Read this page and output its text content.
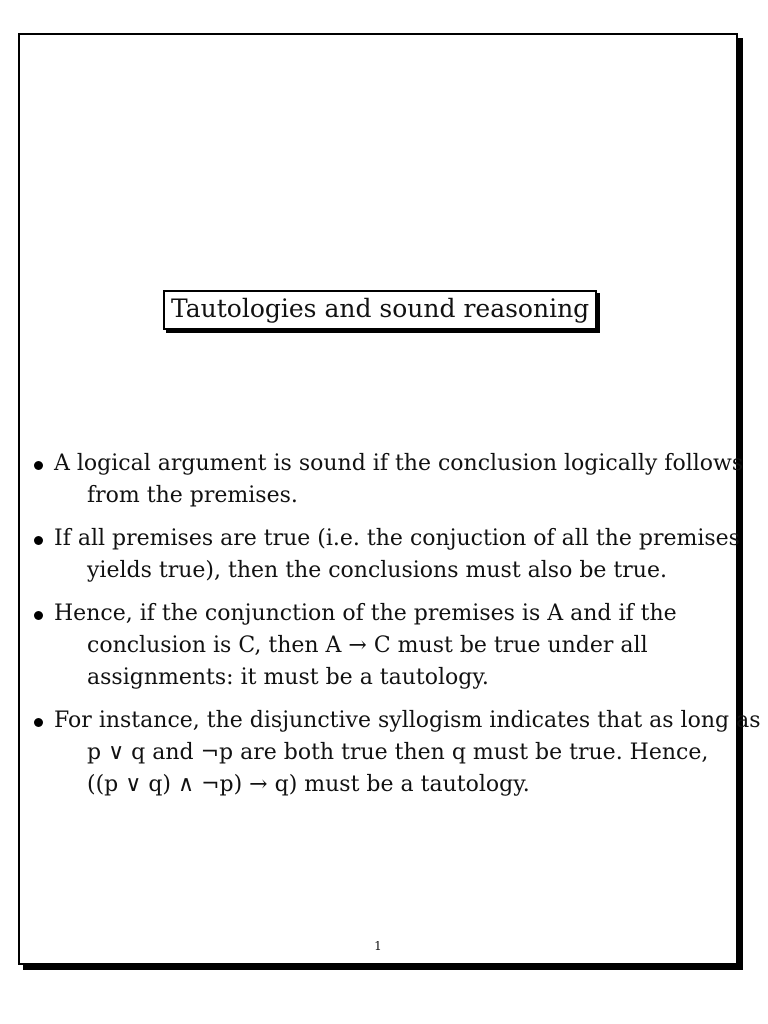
Tautologies and sound reasoning
A logical argument is sound if the conclusion logically follows
from the premises.
If all premises are true (i.e. the conjuction of all the premises
yields true), then the conclusions must also be true.
Hence, if the conjunction of the premises is A and if the
conclusion is C, then A → C must be true under all
assignments: it must be a tautology.
For instance, the disjunctive syllogism indicates that as long as
p ∨ q and ¬p are both true then q must be true. Hence,
((p ∨ q) ∧ ¬p) → q) must be a tautology.
1
